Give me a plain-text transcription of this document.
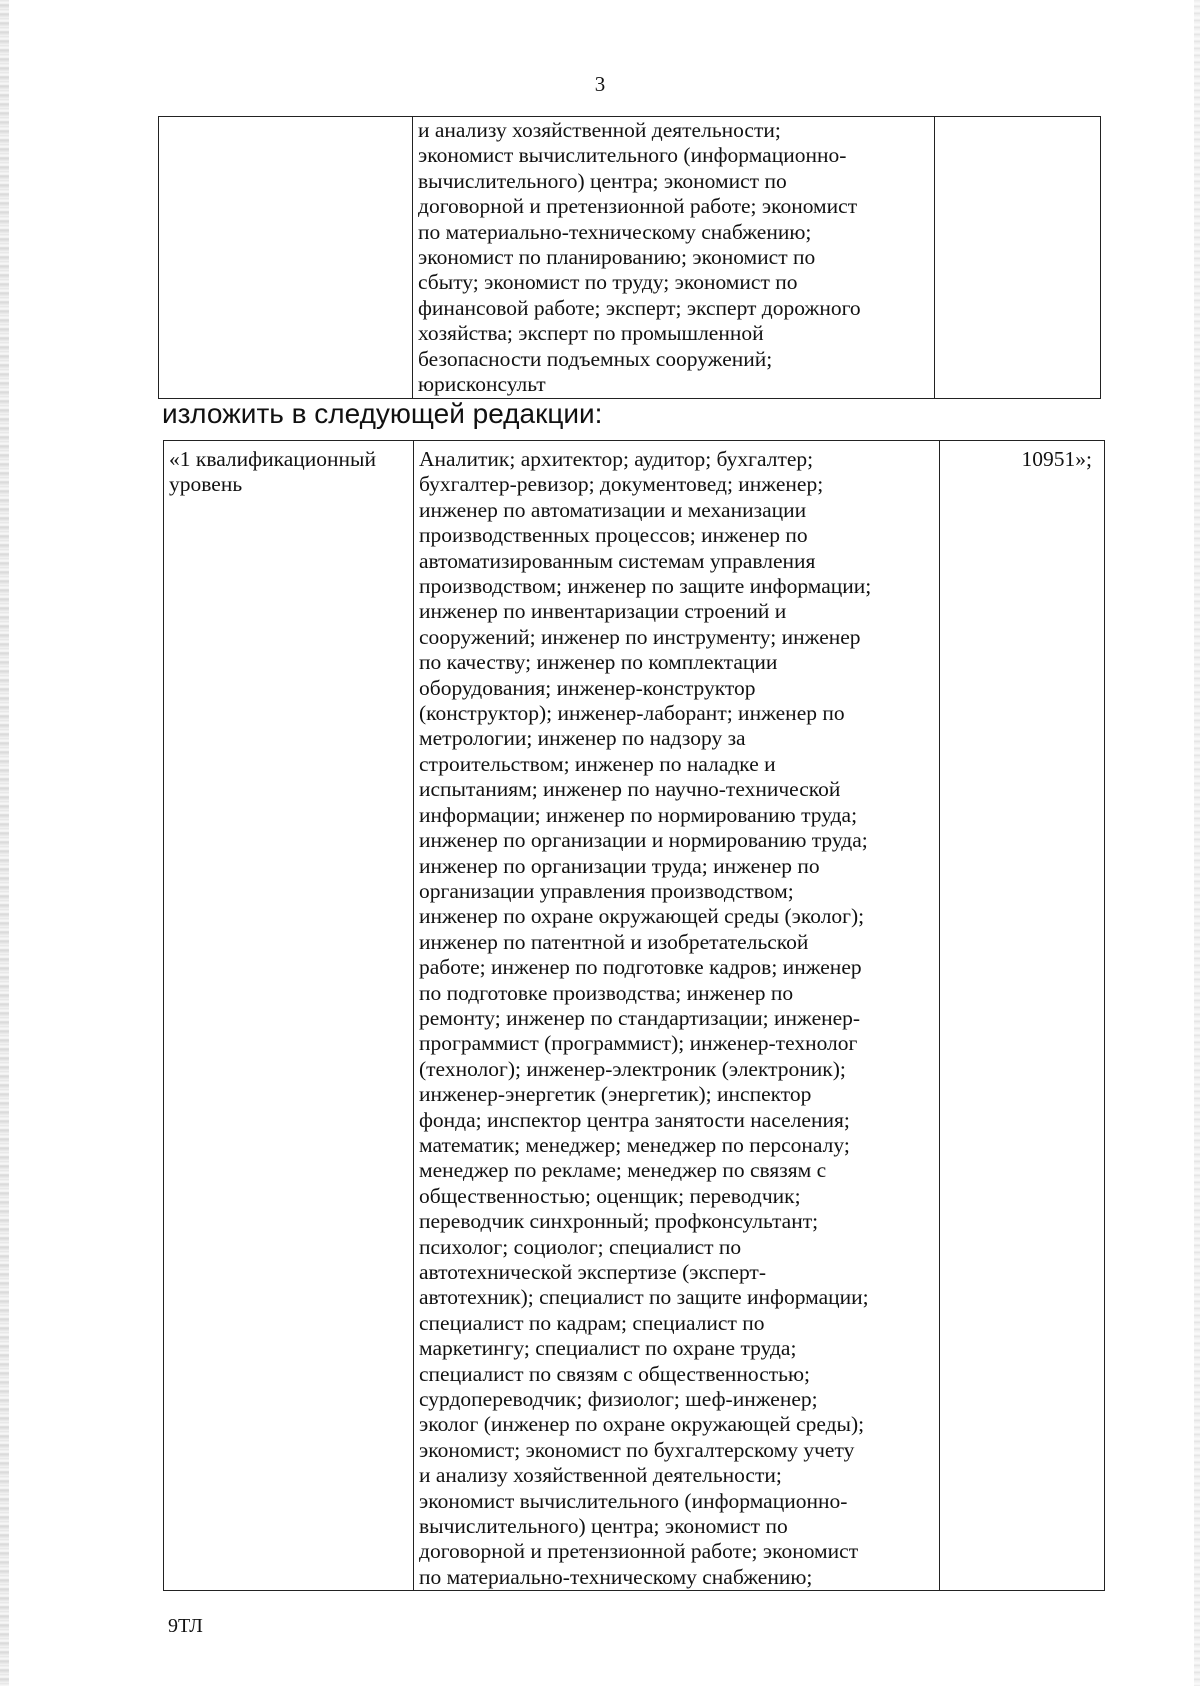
3
	и анализу хозяйственной деятельности;
экономист вычислительного (информационно-
вычислительного) центра; экономист по
договорной и претензионной работе; экономист
по материально-техническому снабжению;
экономист по планированию; экономист по
сбыту; экономист по труду; экономист по
финансовой работе; эксперт; эксперт дорожного
хозяйства; эксперт по промышленной
безопасности подъемных сооружений;
юрисконсульт	
изложить в следующей редакции:
«1 квалификационный уровень	Аналитик; архитектор; аудитор; бухгалтер;
бухгалтер-ревизор; документовед; инженер;
инженер по автоматизации и механизации
производственных процессов; инженер по
автоматизированным системам управления
производством; инженер по защите информации;
инженер по инвентаризации строений и
сооружений; инженер по инструменту; инженер
по качеству; инженер по комплектации
оборудования; инженер-конструктор
(конструктор); инженер-лаборант; инженер по
метрологии; инженер по надзору за
строительством; инженер по наладке и
испытаниям; инженер по научно-технической
информации; инженер по нормированию труда;
инженер по организации и нормированию труда;
инженер по организации труда; инженер по
организации управления производством;
инженер по охране окружающей среды (эколог);
инженер по патентной и изобретательской
работе; инженер по подготовке кадров; инженер
по подготовке производства; инженер по
ремонту; инженер по стандартизации; инженер-
программист (программист); инженер-технолог
(технолог); инженер-электроник (электроник);
инженер-энергетик (энергетик); инспектор
фонда; инспектор центра занятости населения;
математик; менеджер; менеджер по персоналу;
менеджер по рекламе; менеджер по связям с
общественностью; оценщик; переводчик;
переводчик синхронный; профконсультант;
психолог; социолог; специалист по
автотехнической экспертизе (эксперт-
автотехник); специалист по защите информации;
специалист по кадрам; специалист по
маркетингу; специалист по охране труда;
специалист по связям с общественностью;
сурдопереводчик; физиолог; шеф-инженер;
эколог (инженер по охране окружающей среды);
экономист; экономист по бухгалтерскому учету
и анализу хозяйственной деятельности;
экономист вычислительного (информационно-
вычислительного) центра; экономист по
договорной и претензионной работе; экономист
по материально-техническому снабжению;	10951»;
9ТЛ
